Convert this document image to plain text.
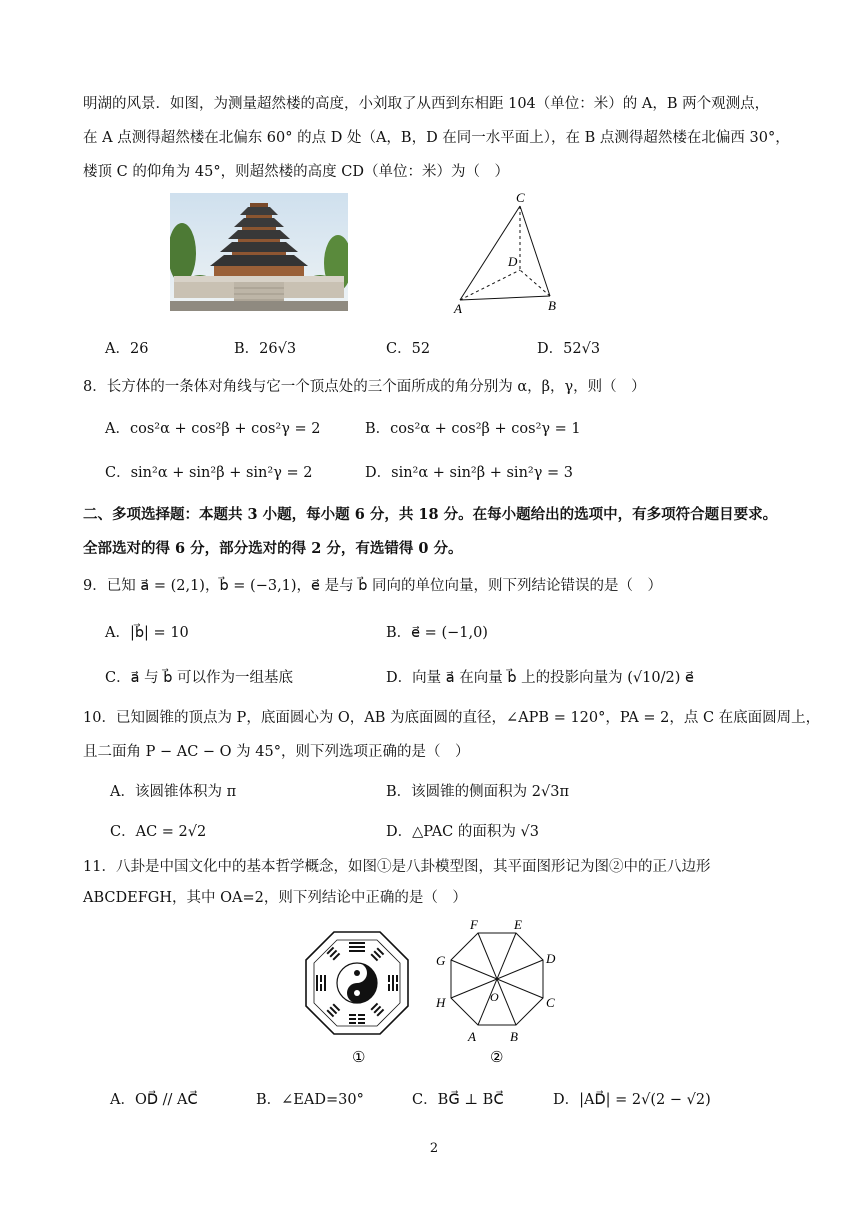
明湖的风景．如图，为测量超然楼的高度，小刘取了从西到东相距 104（单位：米）的 A，B 两个观测点，
在 A 点测得超然楼在北偏东 60° 的点 D 处（A，B，D 在同一水平面上），在 B 点测得超然楼在北偏西 30°，
楼顶 C 的仰角为 45°，则超然楼的高度 CD（单位：米）为（　）
C
D
A	B
A．26	B．26√3	C．52	D．52√3
8．长方体的一条体对角线与它一个顶点处的三个面所成的角分别为 α，β，γ，则（　）
A．cos²α + cos²β + cos²γ = 2	B．cos²α + cos²β + cos²γ = 1
C．sin²α + sin²β + sin²γ = 2	D．sin²α + sin²β + sin²γ = 3
二、多项选择题：本题共 3 小题，每小题 6 分，共 18 分。在每小题给出的选项中，有多项符合题目要求。
全部选对的得 6 分，部分选对的得 2 分，有选错得 0 分。
9．已知 a⃗ = (2,1)，b⃗ = (−3,1)，e⃗ 是与 b⃗ 同向的单位向量，则下列结论错误的是（　）
A．|b⃗| = 10	B．e⃗ = (−1,0)
C．a⃗ 与 b⃗ 可以作为一组基底	D．向量 a⃗ 在向量 b⃗ 上的投影向量为 (√10/2) e⃗
10．已知圆锥的顶点为 P，底面圆心为 O，AB 为底面圆的直径，∠APB = 120°，PA = 2，点 C 在底面圆周上，
且二面角 P − AC − O 为 45°，则下列选项正确的是（　）
A．该圆锥体积为 π	B．该圆锥的侧面积为 2√3π
C．AC = 2√2	D．△PAC 的面积为 √3
11．八卦是中国文化中的基本哲学概念，如图①是八卦模型图，其平面图形记为图②中的正八边形
ABCDEFGH，其中 OA=2，则下列结论中正确的是（　）
①
F	E
G	D
H	C
A	B
O
②
A．OD⃗ // AC⃗	B．∠EAD=30°	C．BG⃗ ⊥ BC⃗	D．|AD⃗| = 2√(2 − √2)
2
